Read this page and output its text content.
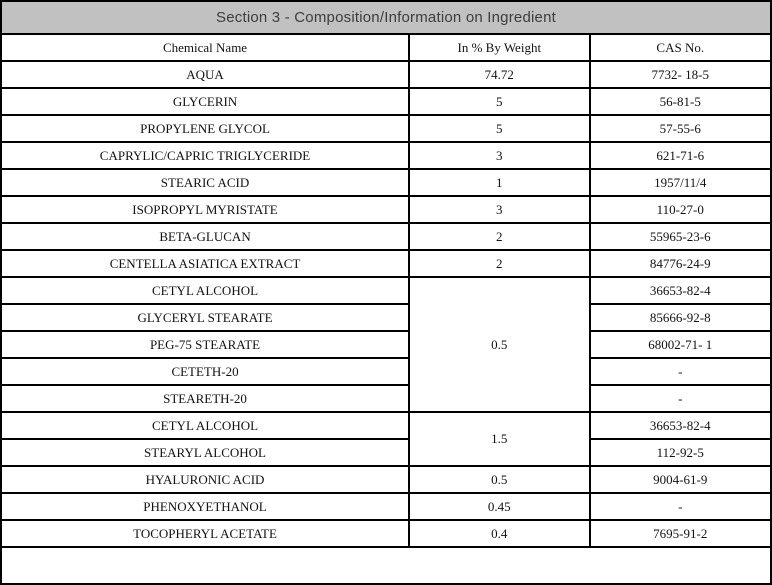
Section 3 - Composition/Information on Ingredient
Chemical Name	In % By Weight	CAS No.
AQUA	74.72	7732- 18-5
GLYCERIN	5	56-81-5
PROPYLENE GLYCOL	5	57-55-6
CAPRYLIC/CAPRIC TRIGLYCERIDE	3	621-71-6
STEARIC ACID	1	1957/11/4
ISOPROPYL MYRISTATE	3	110-27-0
BETA-GLUCAN	2	55965-23-6
CENTELLA ASIATICA EXTRACT	2	84776-24-9
CETYL ALCOHOL	0.5	36653-82-4
GLYCERYL STEARATE		85666-92-8
PEG-75 STEARATE		68002-71- 1
CETETH-20		-
STEARETH-20		-
CETYL ALCOHOL	1.5	36653-82-4
STEARYL ALCOHOL		112-92-5
HYALURONIC ACID	0.5	9004-61-9
PHENOXYETHANOL	0.45	-
TOCOPHERYL ACETATE	0.4	7695-91-2
